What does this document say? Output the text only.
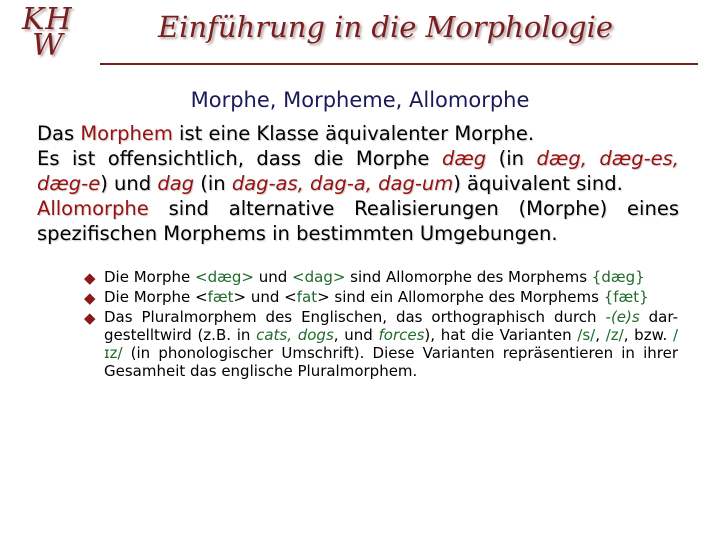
KH
W
Einführung in die Morphologie
Morphe, Morpheme, Allomorphe

Das Morphem ist eine Klasse äquivalenter Morphe.

Es ist offensichtlich, dass die Morphe dæg (in dæg, dæg-es, dæg-e) und dag (in dag-as, dag-a, dag-um) äquivalent sind.

Allomorphe sind alternative Realisierungen (Morphe) eines spezifischen Morphems in bestimmten Umgebungen.

◆ Die Morphe <dæg> und <dag> sind Allomorphe des Morphems {dæg}
◆ Die Morphe <fæt> und <fat> sind ein Allomorphe des Morphems {fæt}
◆ Das Pluralmorphem des Englischen, das orthographisch durch -(e)s dar-gestelltwird (z.B. in cats, dogs, und forces), hat die Varianten /s/, /z/, bzw. /ɪz/ (in phonologischer Umschrift). Diese Varianten repräsentieren in ihrer Gesamheit das englische Pluralmorphem.
